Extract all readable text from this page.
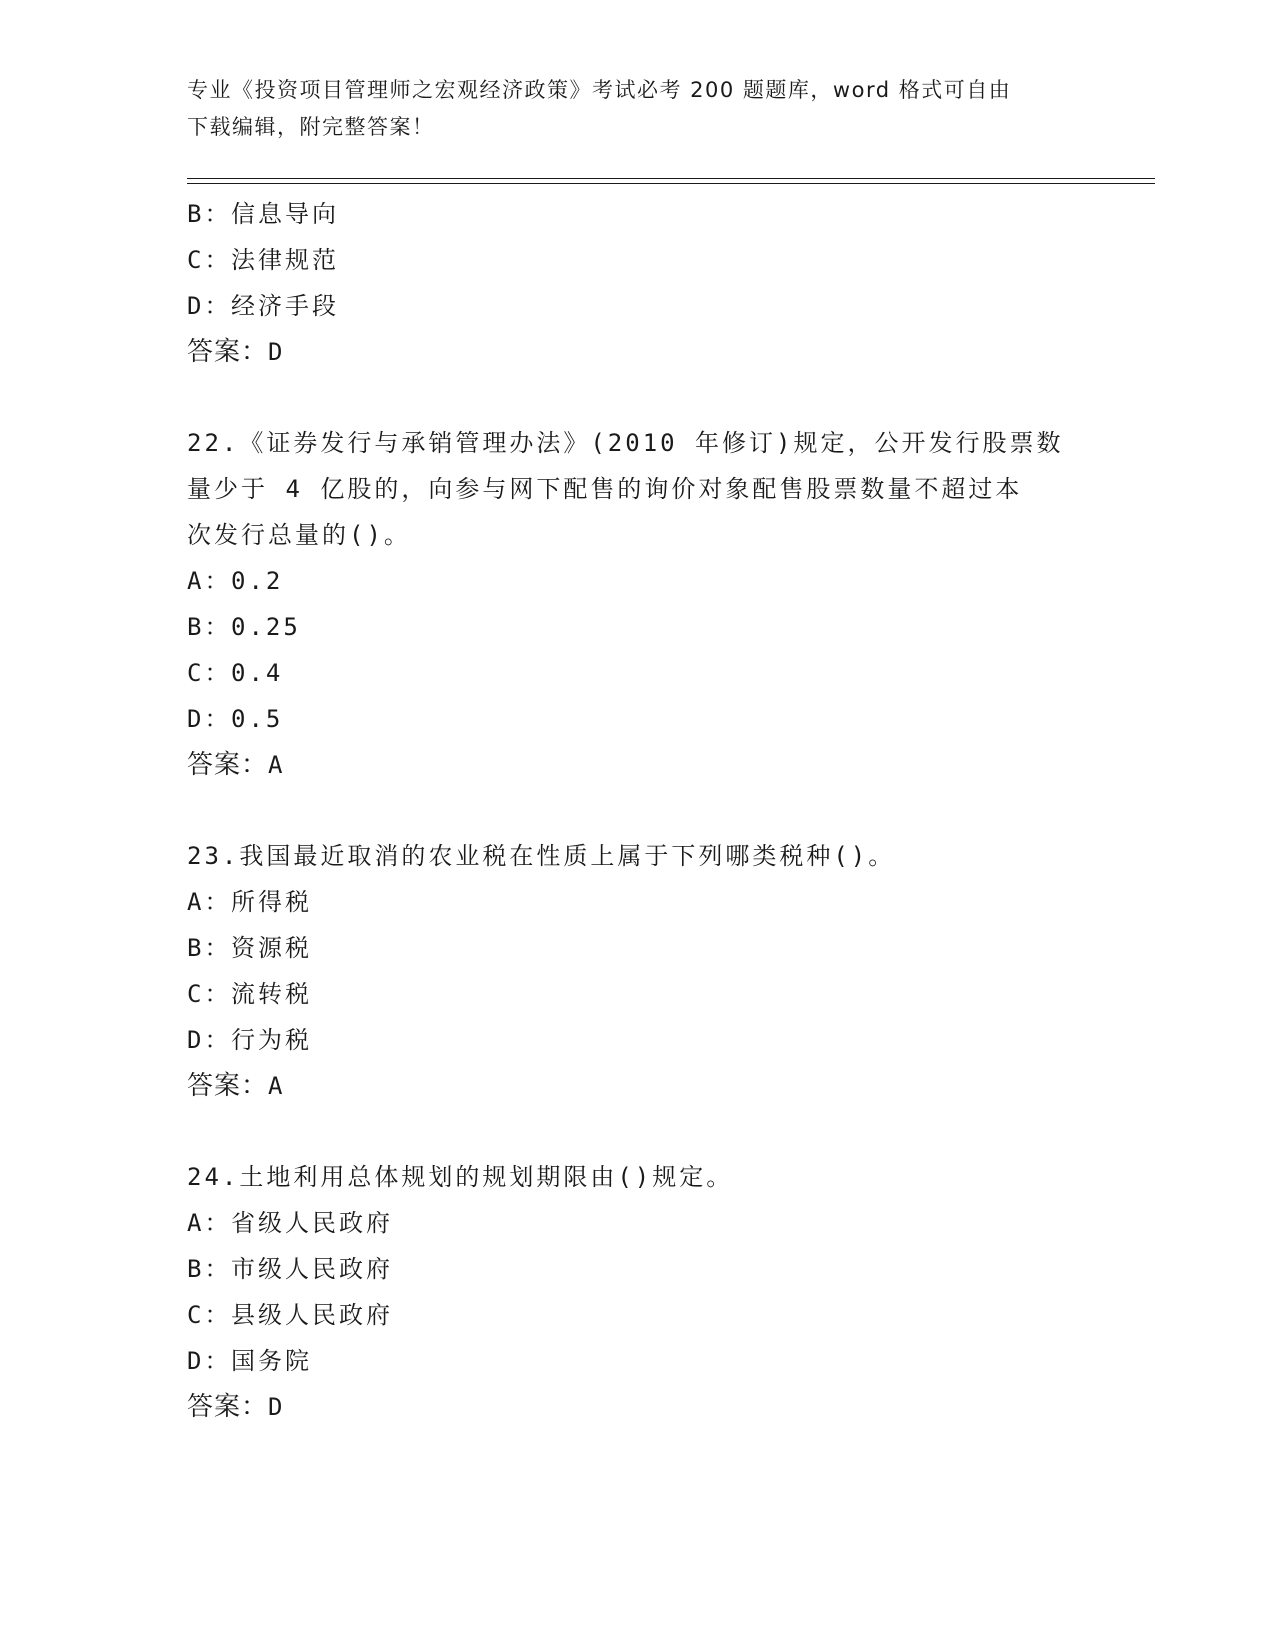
专业《投资项目管理师之宏观经济政策》考试必考 200 题题库，word 格式可自由
下载编辑，附完整答案！
B：信息导向
C：法律规范
D：经济手段
答案：D
22.《证券发行与承销管理办法》(2010 年修订)规定，公开发行股票数
量少于 4 亿股的，向参与网下配售的询价对象配售股票数量不超过本
次发行总量的()。
A：0.2
B：0.25
C：0.4
D：0.5
答案：A
23.我国最近取消的农业税在性质上属于下列哪类税种()。
A：所得税
B：资源税
C：流转税
D：行为税
答案：A
24.土地利用总体规划的规划期限由()规定。
A：省级人民政府
B：市级人民政府
C：县级人民政府
D：国务院
答案：D
